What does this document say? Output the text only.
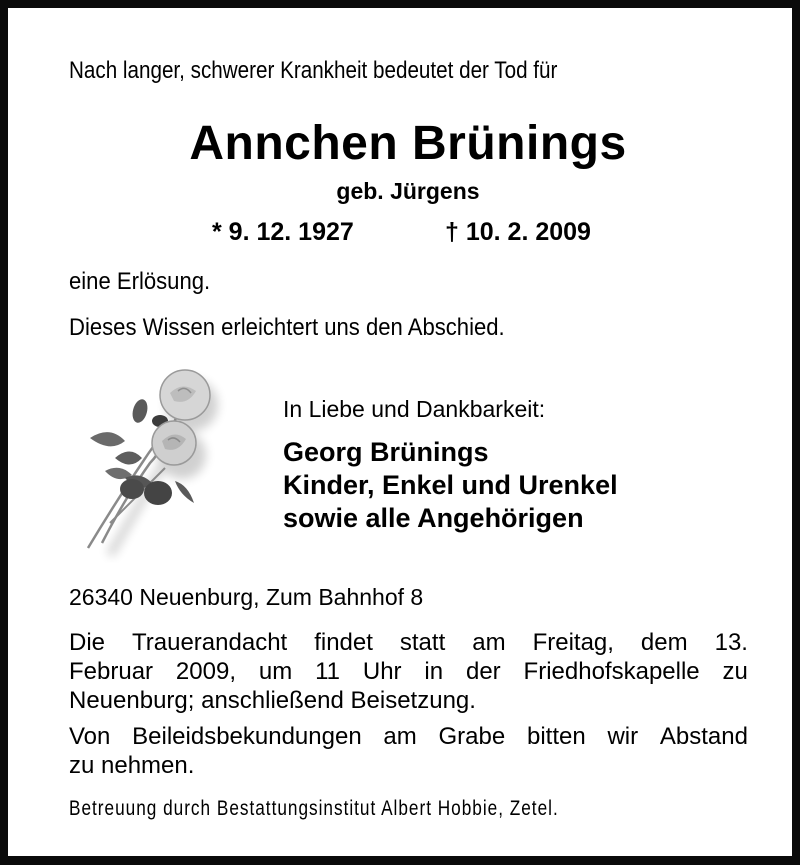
Nach langer, schwerer Krankheit bedeutet der Tod für
Annchen Brünings
geb. Jürgens
* 9. 12. 1927	† 10. 2. 2009
eine Erlösung.
Dieses Wissen erleichtert uns den Abschied.
In Liebe und Dankbarkeit:
Georg Brünings
Kinder, Enkel und Urenkel
sowie alle Angehörigen
26340 Neuenburg, Zum Bahnhof 8
Die Trauerandacht findet statt am Freitag, dem 13.
Februar 2009, um 11 Uhr in der Friedhofskapelle zu
Neuenburg; anschließend Beisetzung.
Von Beileidsbekundungen am Grabe bitten wir Abstand
zu nehmen.
Betreuung durch Bestattungsinstitut Albert Hobbie, Zetel.
